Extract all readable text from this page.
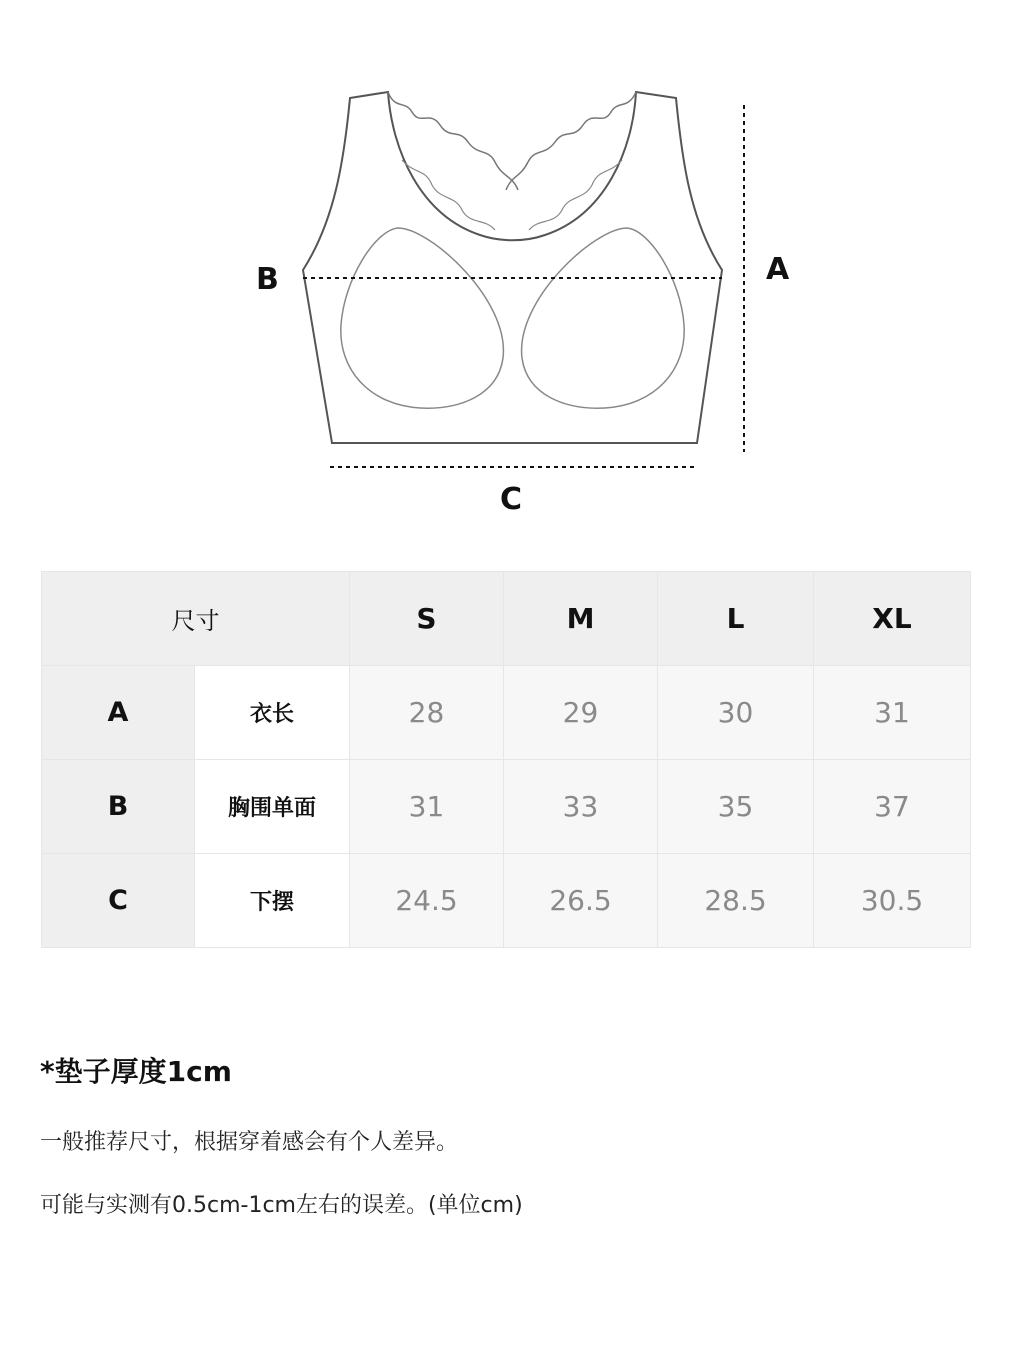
A
B
C
尺寸		S	M	L	XL
A	衣长	28	29	30	31
B	胸围单面	31	33	35	37
C	下摆	24.5	26.5	28.5	30.5
*垫子厚度1cm
一般推荐尺寸，根据穿着感会有个人差异。
可能与实测有0.5cm-1cm左右的误差。(单位cm)
